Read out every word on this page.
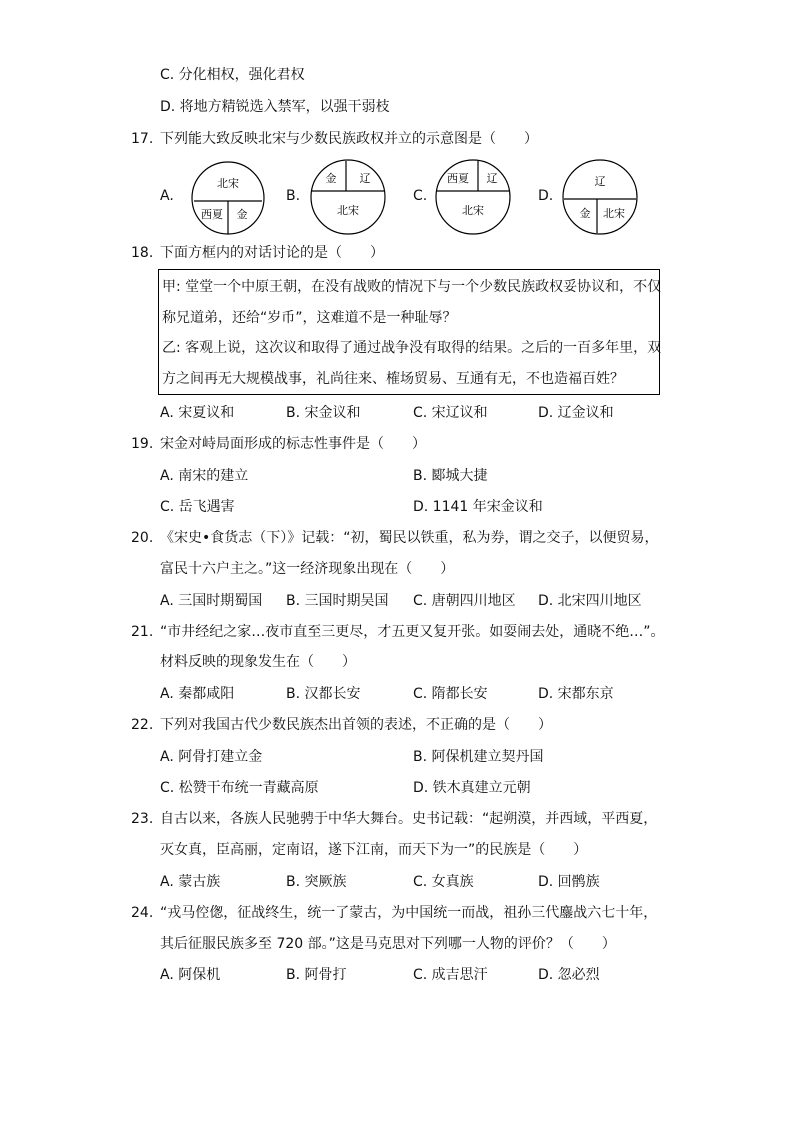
C. 分化相权，强化君权
D. 将地方精锐选入禁军，以强干弱枝
17. 下列能大致反映北宋与少数民族政权并立的示意图是（　　）
A.
北宋
西夏 金
B.
金 辽
北宋
C.
西夏 辽
北宋
D.
辽
金 北宋
18. 下面方框内的对话讨论的是（　　）
甲: 堂堂一个中原王朝，在没有战败的情况下与一个少数民族政权妥协议和，不仅
称兄道弟，还给“岁币”，这难道不是一种耻辱？
乙: 客观上说，这次议和取得了通过战争没有取得的结果。之后的一百多年里，双
方之间再无大规模战事，礼尚往来、榷场贸易、互通有无，不也造福百姓？
A. 宋夏议和	B. 宋金议和	C. 宋辽议和	D. 辽金议和
19. 宋金对峙局面形成的标志性事件是（　　）
A. 南宋的建立	B. 郾城大捷
C. 岳飞遇害	D. 1141 年宋金议和
20. 《宋史•食货志（下）》记载：“初，蜀民以铁重，私为券，谓之交子，以便贸易，
富民十六户主之。”这一经济现象出现在（　　）
A. 三国时期蜀国 B. 三国时期吴国 C. 唐朝四川地区 D. 北宋四川地区
21. “市井经纪之家…夜市直至三更尽，才五更又复开张。如耍闹去处，通晓不绝…”。
材料反映的现象发生在（　　）
A. 秦都咸阳	B. 汉都长安	C. 隋都长安	D. 宋都东京
22. 下列对我国古代少数民族杰出首领的表述，不正确的是（　　）
A. 阿骨打建立金	B. 阿保机建立契丹国
C. 松赞干布统一青藏高原	D. 铁木真建立元朝
23. 自古以来，各族人民驰骋于中华大舞台。史书记载：“起朔漠，并西域，平西夏，
灭女真，臣高丽，定南诏，遂下江南，而天下为一”的民族是（　　）
A. 蒙古族	B. 突厥族	C. 女真族	D. 回鹘族
24. “戎马倥偬，征战终生，统一了蒙古，为中国统一而战，祖孙三代鏖战六七十年，
其后征服民族多至 720 部。”这是马克思对下列哪一人物的评价？（　　）
A. 阿保机	B. 阿骨打	C. 成吉思汗	D. 忽必烈
